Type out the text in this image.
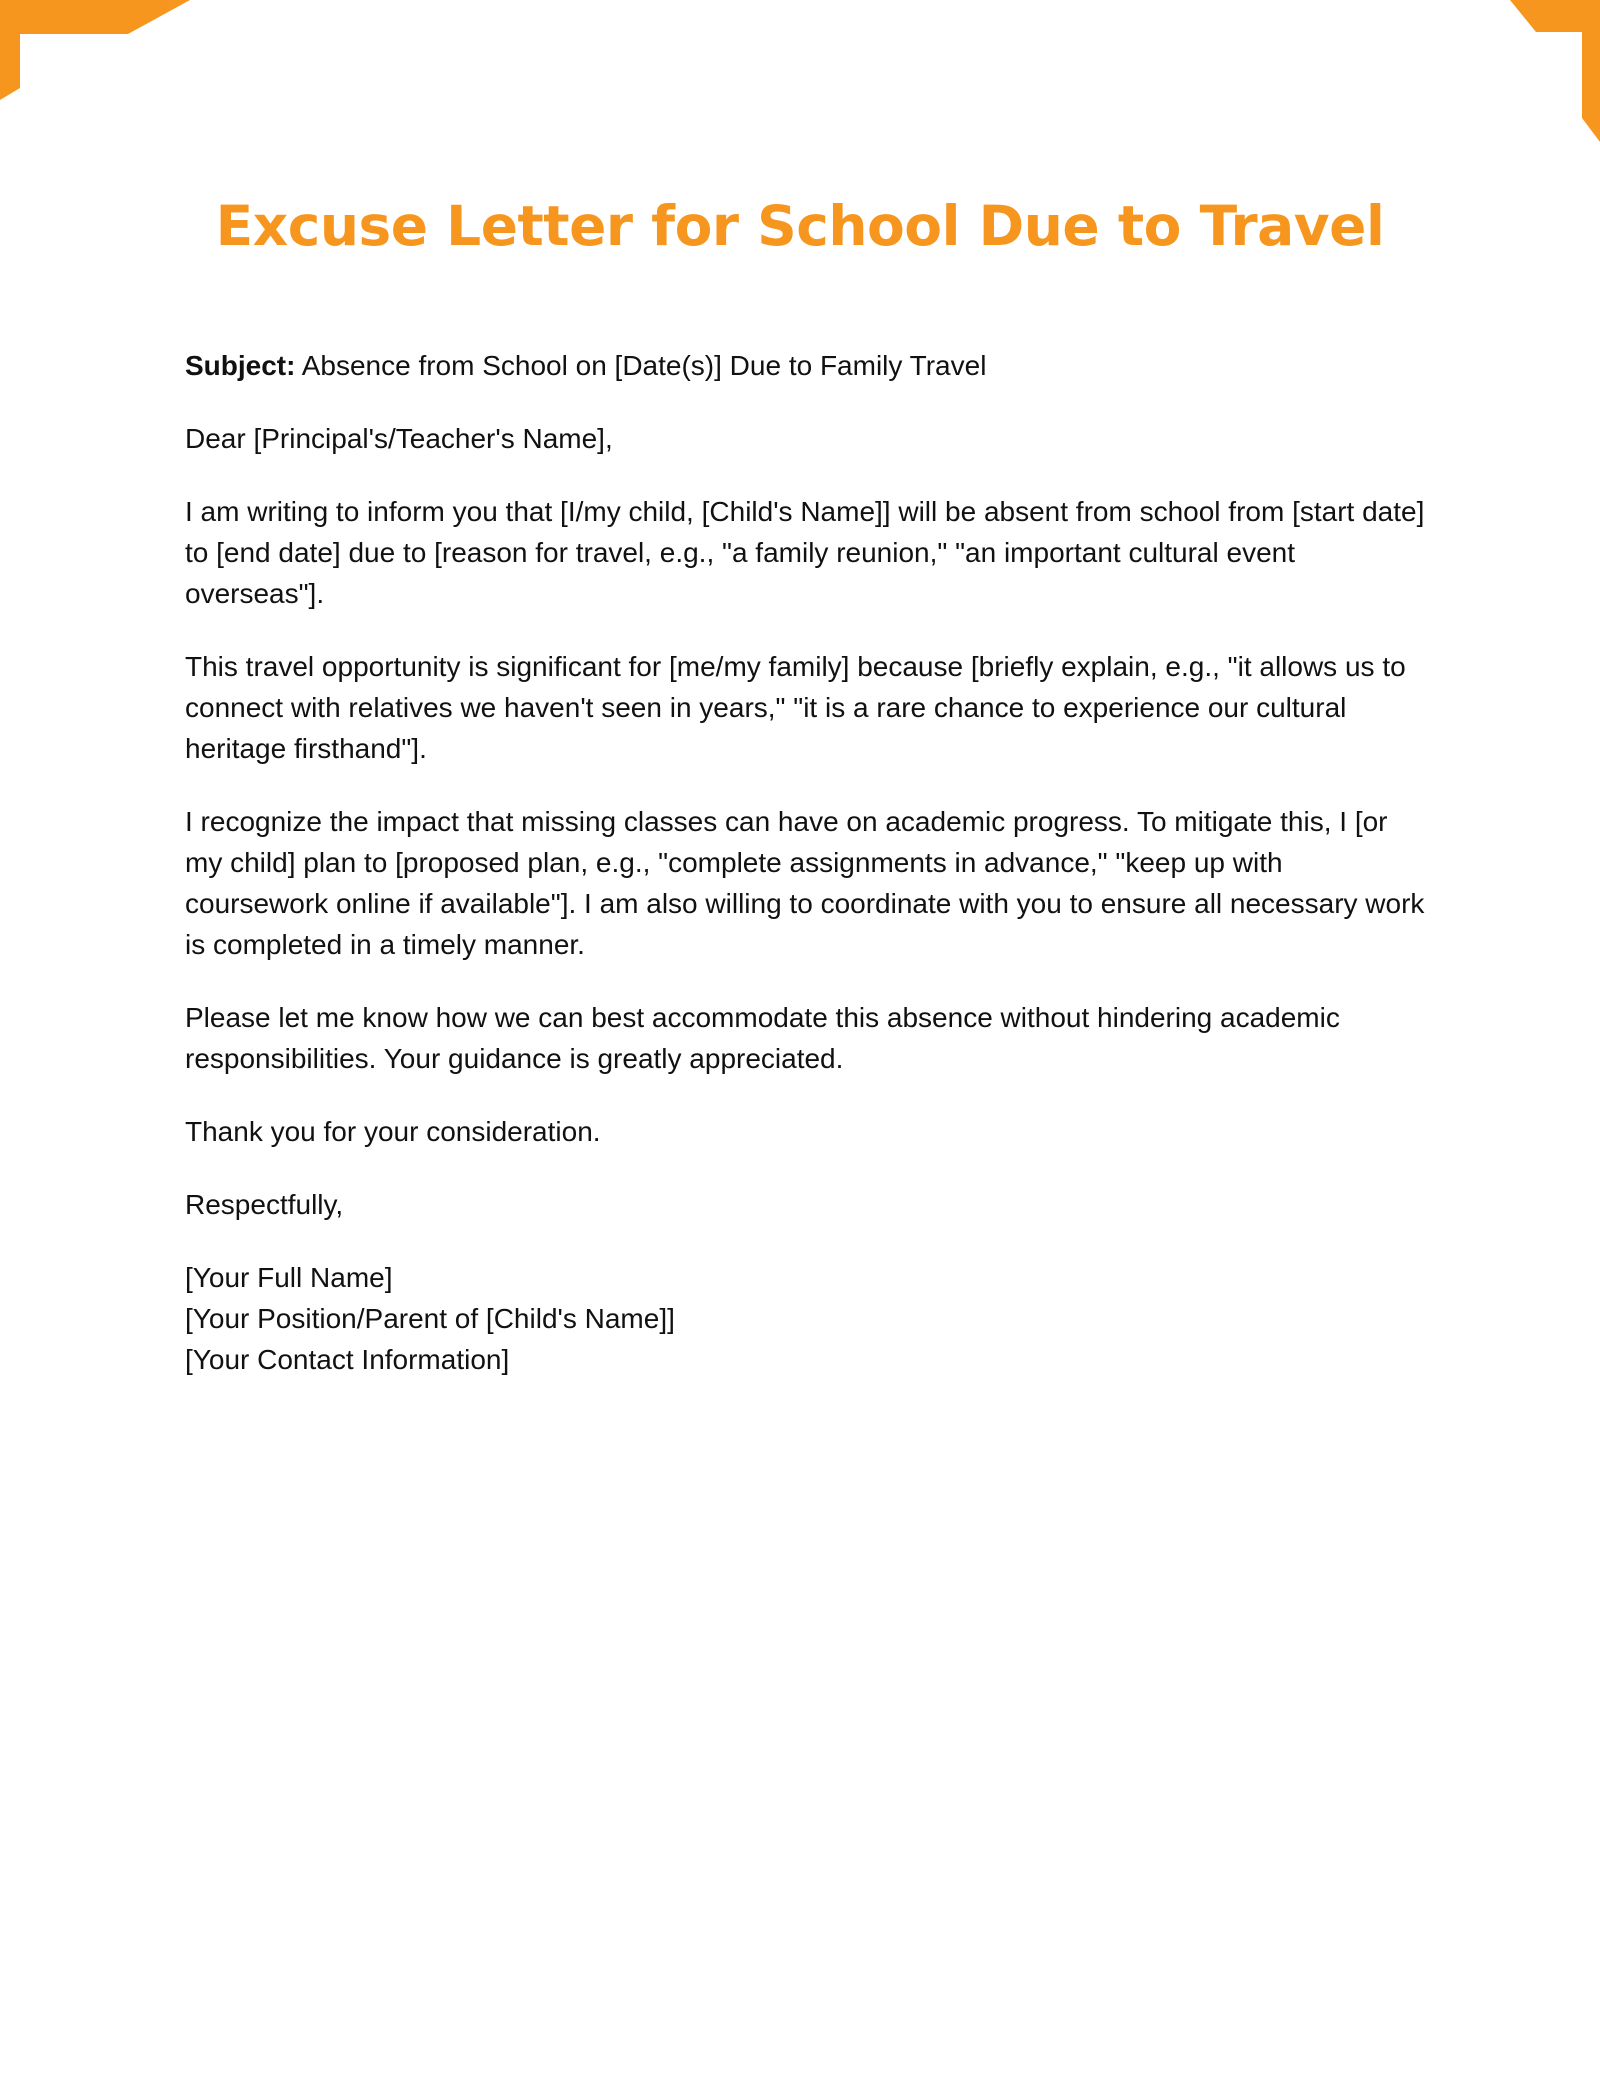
Excuse Letter for School Due to Travel

Subject: Absence from School on [Date(s)] Due to Family Travel

Dear [Principal's/Teacher's Name],

I am writing to inform you that [I/my child, [Child's Name]] will be absent from school from [start date] to [end date] due to [reason for travel, e.g., "a family reunion," "an important cultural event overseas"].

This travel opportunity is significant for [me/my family] because [briefly explain, e.g., "it allows us to connect with relatives we haven't seen in years," "it is a rare chance to experience our cultural heritage firsthand"].

I recognize the impact that missing classes can have on academic progress. To mitigate this, I [or my child] plan to [proposed plan, e.g., "complete assignments in advance," "keep up with coursework online if available"]. I am also willing to coordinate with you to ensure all necessary work is completed in a timely manner.

Please let me know how we can best accommodate this absence without hindering academic responsibilities. Your guidance is greatly appreciated.

Thank you for your consideration.

Respectfully,

[Your Full Name]
[Your Position/Parent of [Child's Name]]
[Your Contact Information]
